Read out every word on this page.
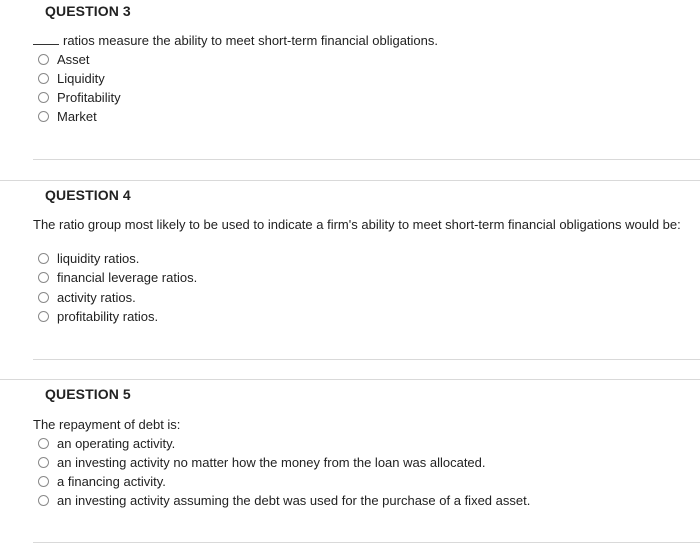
QUESTION 3
ratios measure the ability to meet short-term financial obligations.
Asset
Liquidity
Profitability
Market
QUESTION 4
The ratio group most likely to be used to indicate a firm's ability to meet short-term financial obligations would be:
liquidity ratios.
financial leverage ratios.
activity ratios.
profitability ratios.
QUESTION 5
The repayment of debt is:
an operating activity.
an investing activity no matter how the money from the loan was allocated.
a financing activity.
an investing activity assuming the debt was used for the purchase of a fixed asset.
